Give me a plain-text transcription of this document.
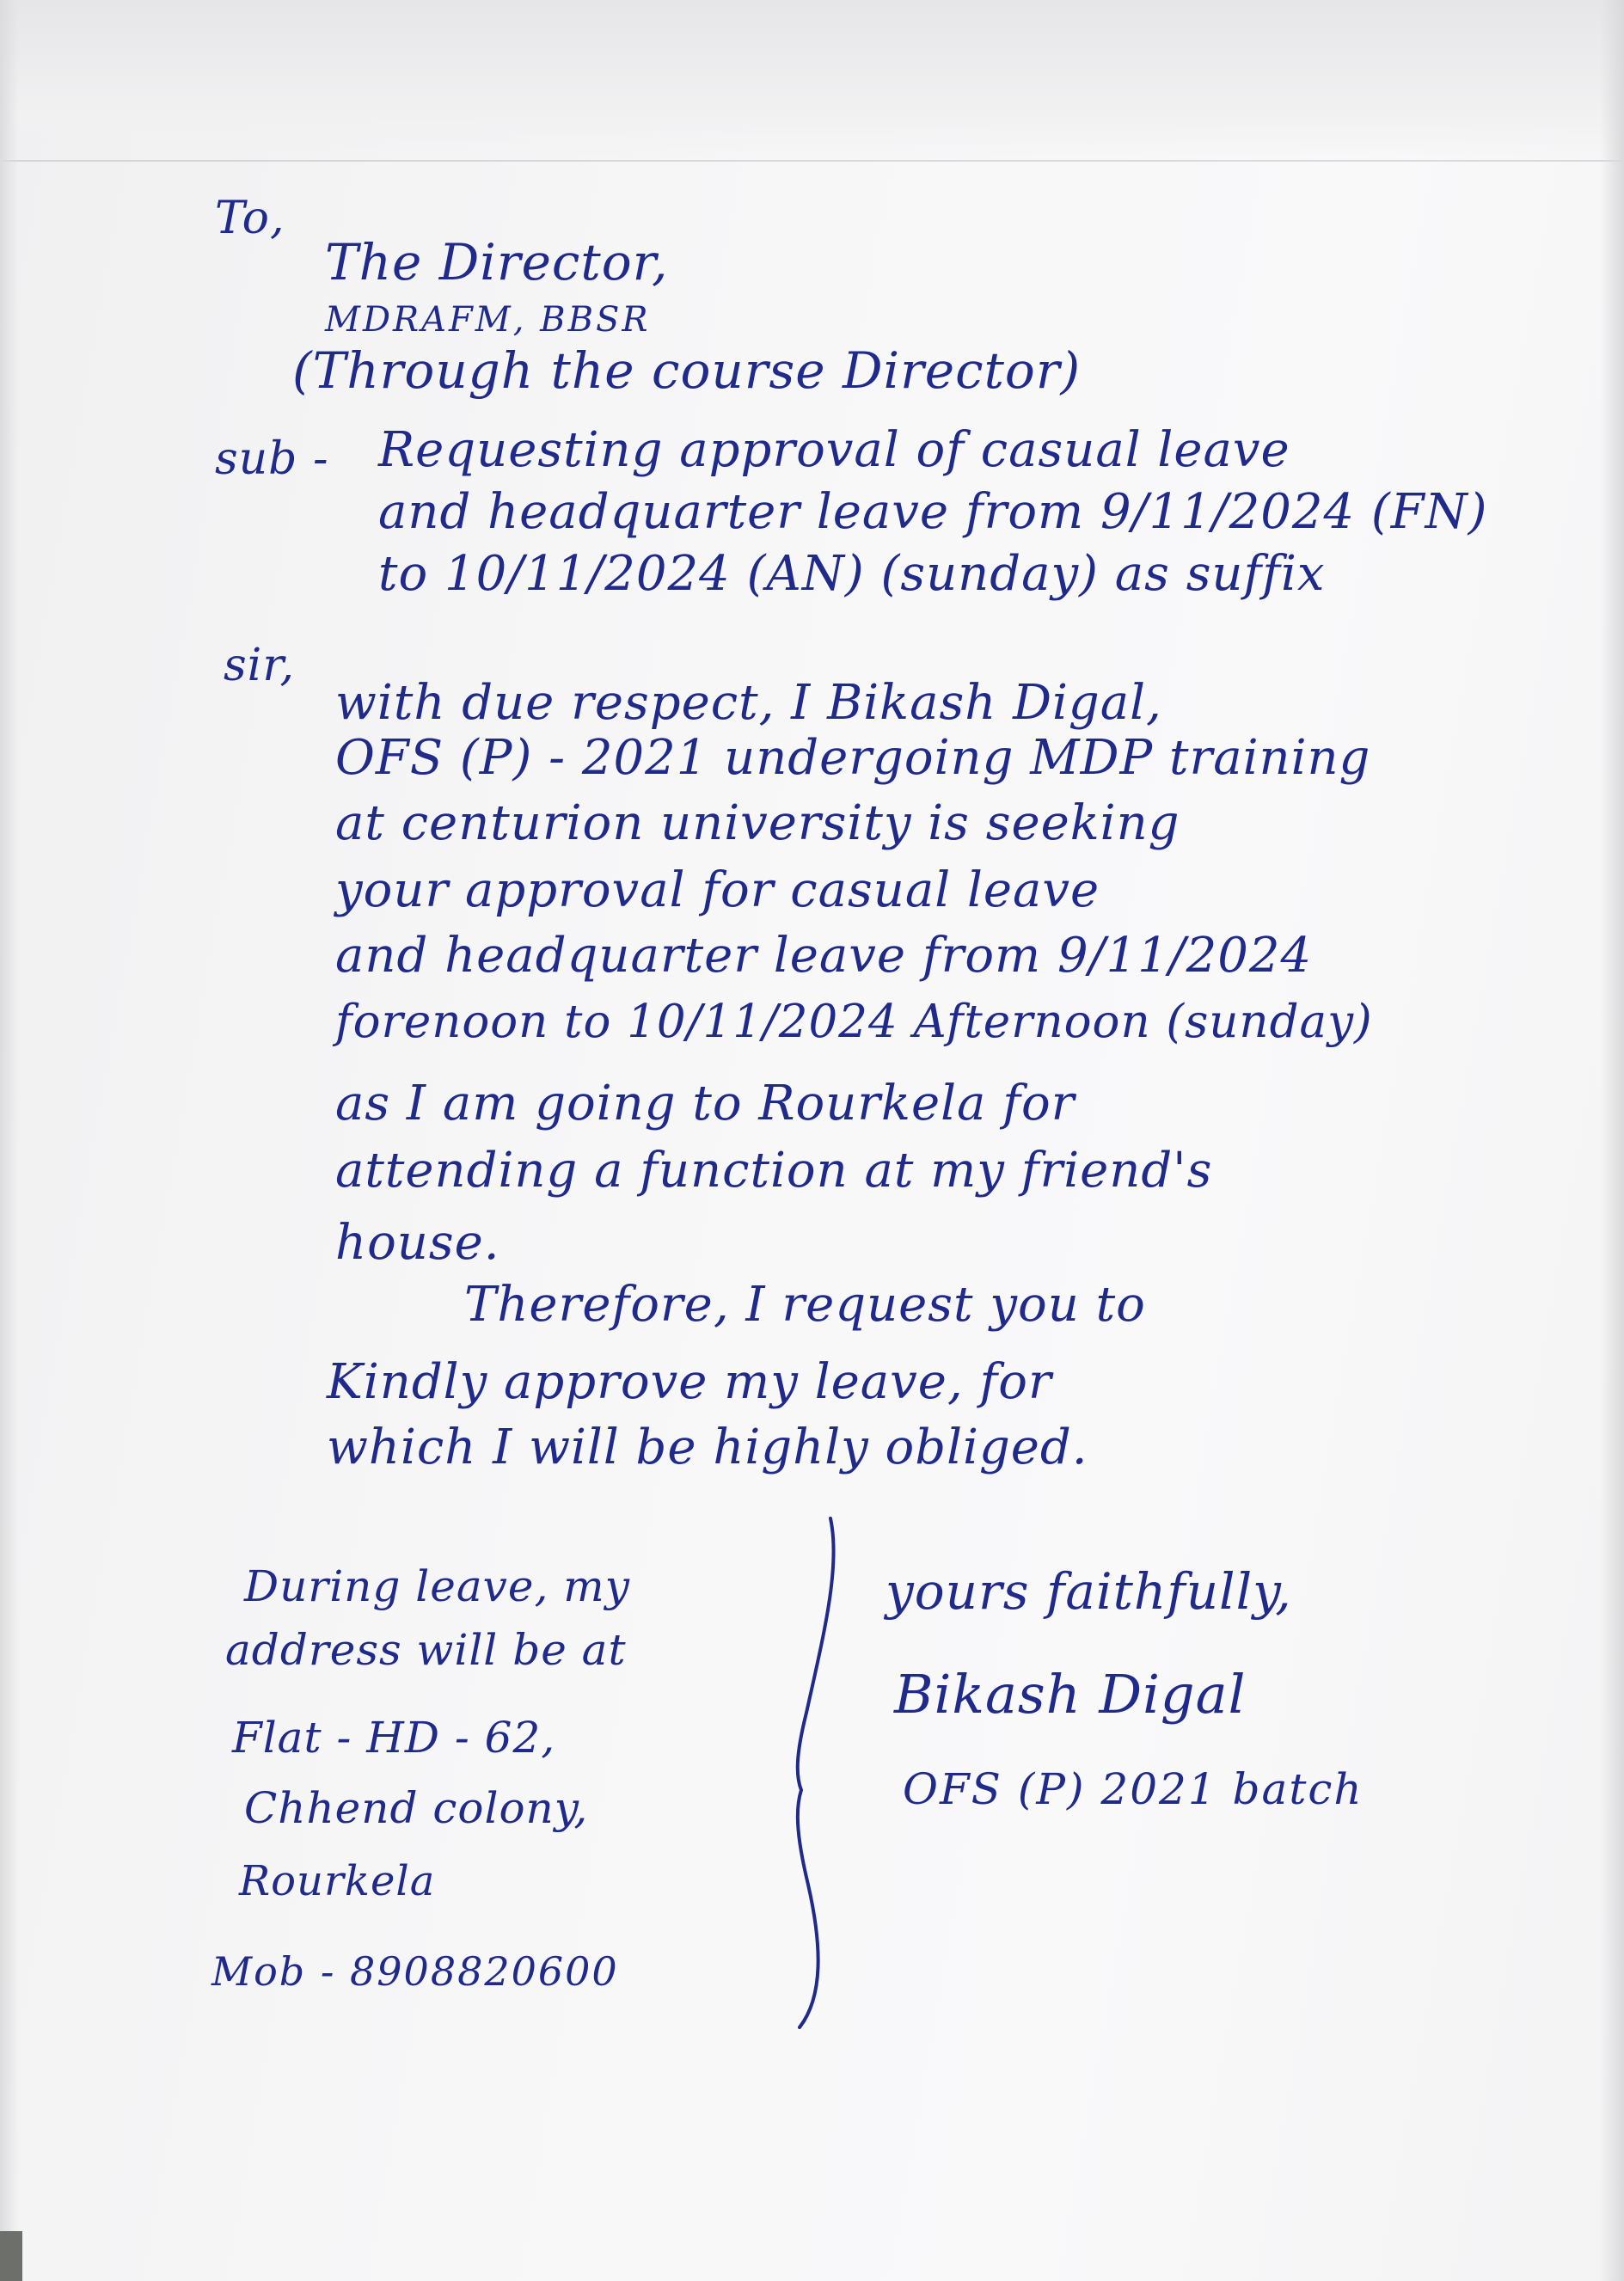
To,
The Director,
MDRAFM, BBSR
(Through the course Director)
sub - Requesting approval of casual leave
and headquarter leave from 9/11/2024 (FN)
to 10/11/2024 (AN) (sunday) as suffix
sir,
with due respect, I Bikash Digal,
OFS (P) - 2021 undergoing MDP training
at centurion university is seeking
your approval for casual leave
and headquarter leave from 9/11/2024
forenoon to 10/11/2024 Afternoon (sunday)
as I am going to Rourkela for
attending a function at my friend's
house.
Therefore, I request you to
Kindly approve my leave, for
which I will be highly obliged.
During leave, my
address will be at
Flat - HD - 62,
Chhend colony,
Rourkela
Mob - 8908820600
yours faithfully,
Bikash Digal
OFS (P) 2021 batch
